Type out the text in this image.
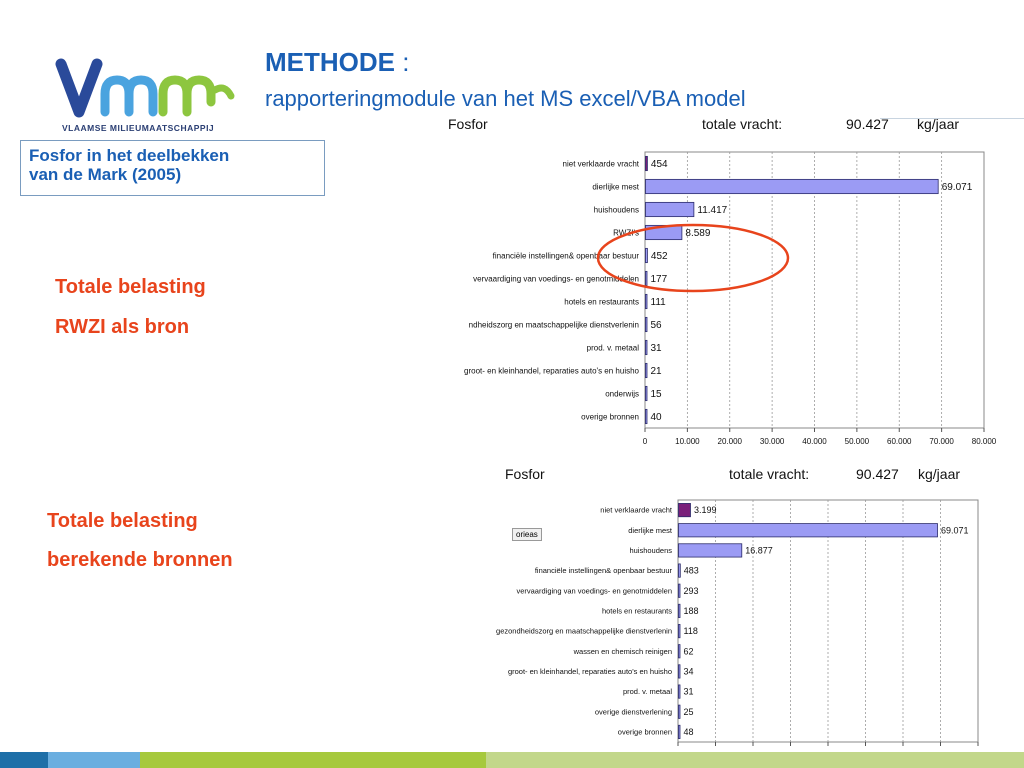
VLAAMSE MILIEUMAATSCHAPPIJ
METHODE :
rapporteringmodule van het MS excel/VBA model
Fosfor in het deelbekken
van de Mark (2005)
Totale belasting
RWZI als bron
Totale belasting
berekende bronnen
Fosfor	totale vracht:	90.427 kg/jaar
0	10.000 20.000 30.000 40.000 50.000 60.000 70.000 80.000
niet verklaarde vracht 454
dierlijke mest	69.071
huishoudens	11.417
RWZI's	8.589
financiële instellingen& openbaar bestuur 452
vervaardiging van voedings- en genotmiddelen 177
hotels en restaurants 111
ndheidszorg en maatschappelijke dienstverlenin 56
prod. v. metaal 31
groot- en kleinhandel, reparaties auto's en huisho 21
onderwijs 15
overige bronnen 40
Fosfor	totale vracht:	90.427 kg/jaar
orieas
niet verklaarde vracht 3.199
dierlijke mest	69.071
huishoudens	16.877
financiële instellingen& openbaar bestuur 483
vervaardiging van voedings- en genotmiddelen 293
hotels en restaurants 188
gezondheidszorg en maatschappelijke dienstverlenin 118
wassen en chemisch reinigen 62
groot- en kleinhandel, reparaties auto's en huisho 34
prod. v. metaal 31
overige dienstverlening 25
overige bronnen 48
